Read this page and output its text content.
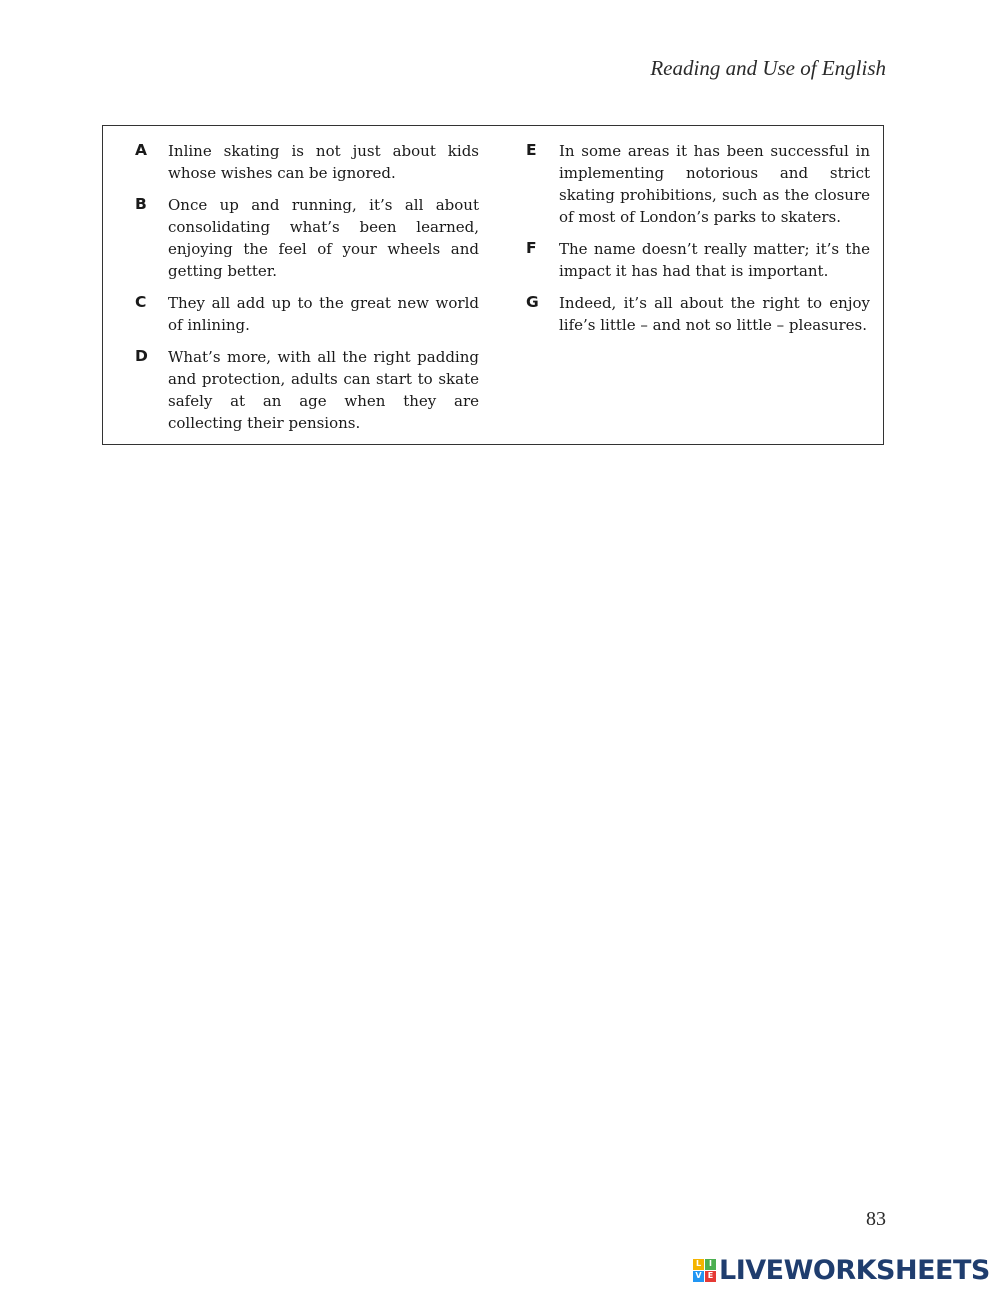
Reading and Use of English
A Inline skating is not just about kids whose wishes can be ignored.
B Once up and running, it’s all about consolidating what’s been learned, enjoying the feel of your wheels and getting better.
C They all add up to the great new world of inlining.
D What’s more, with all the right padding and protection, adults can start to skate safely at an age when they are collecting their pensions.
E In some areas it has been successful in implementing notorious and strict skating prohibitions, such as the closure of most of London’s parks to skaters.
F The name doesn’t really matter; it’s the impact it has had that is important.
G Indeed, it’s all about the right to enjoy life’s little – and not so little – pleasures.
83
L I
V E LIVEWORKSHEETS
